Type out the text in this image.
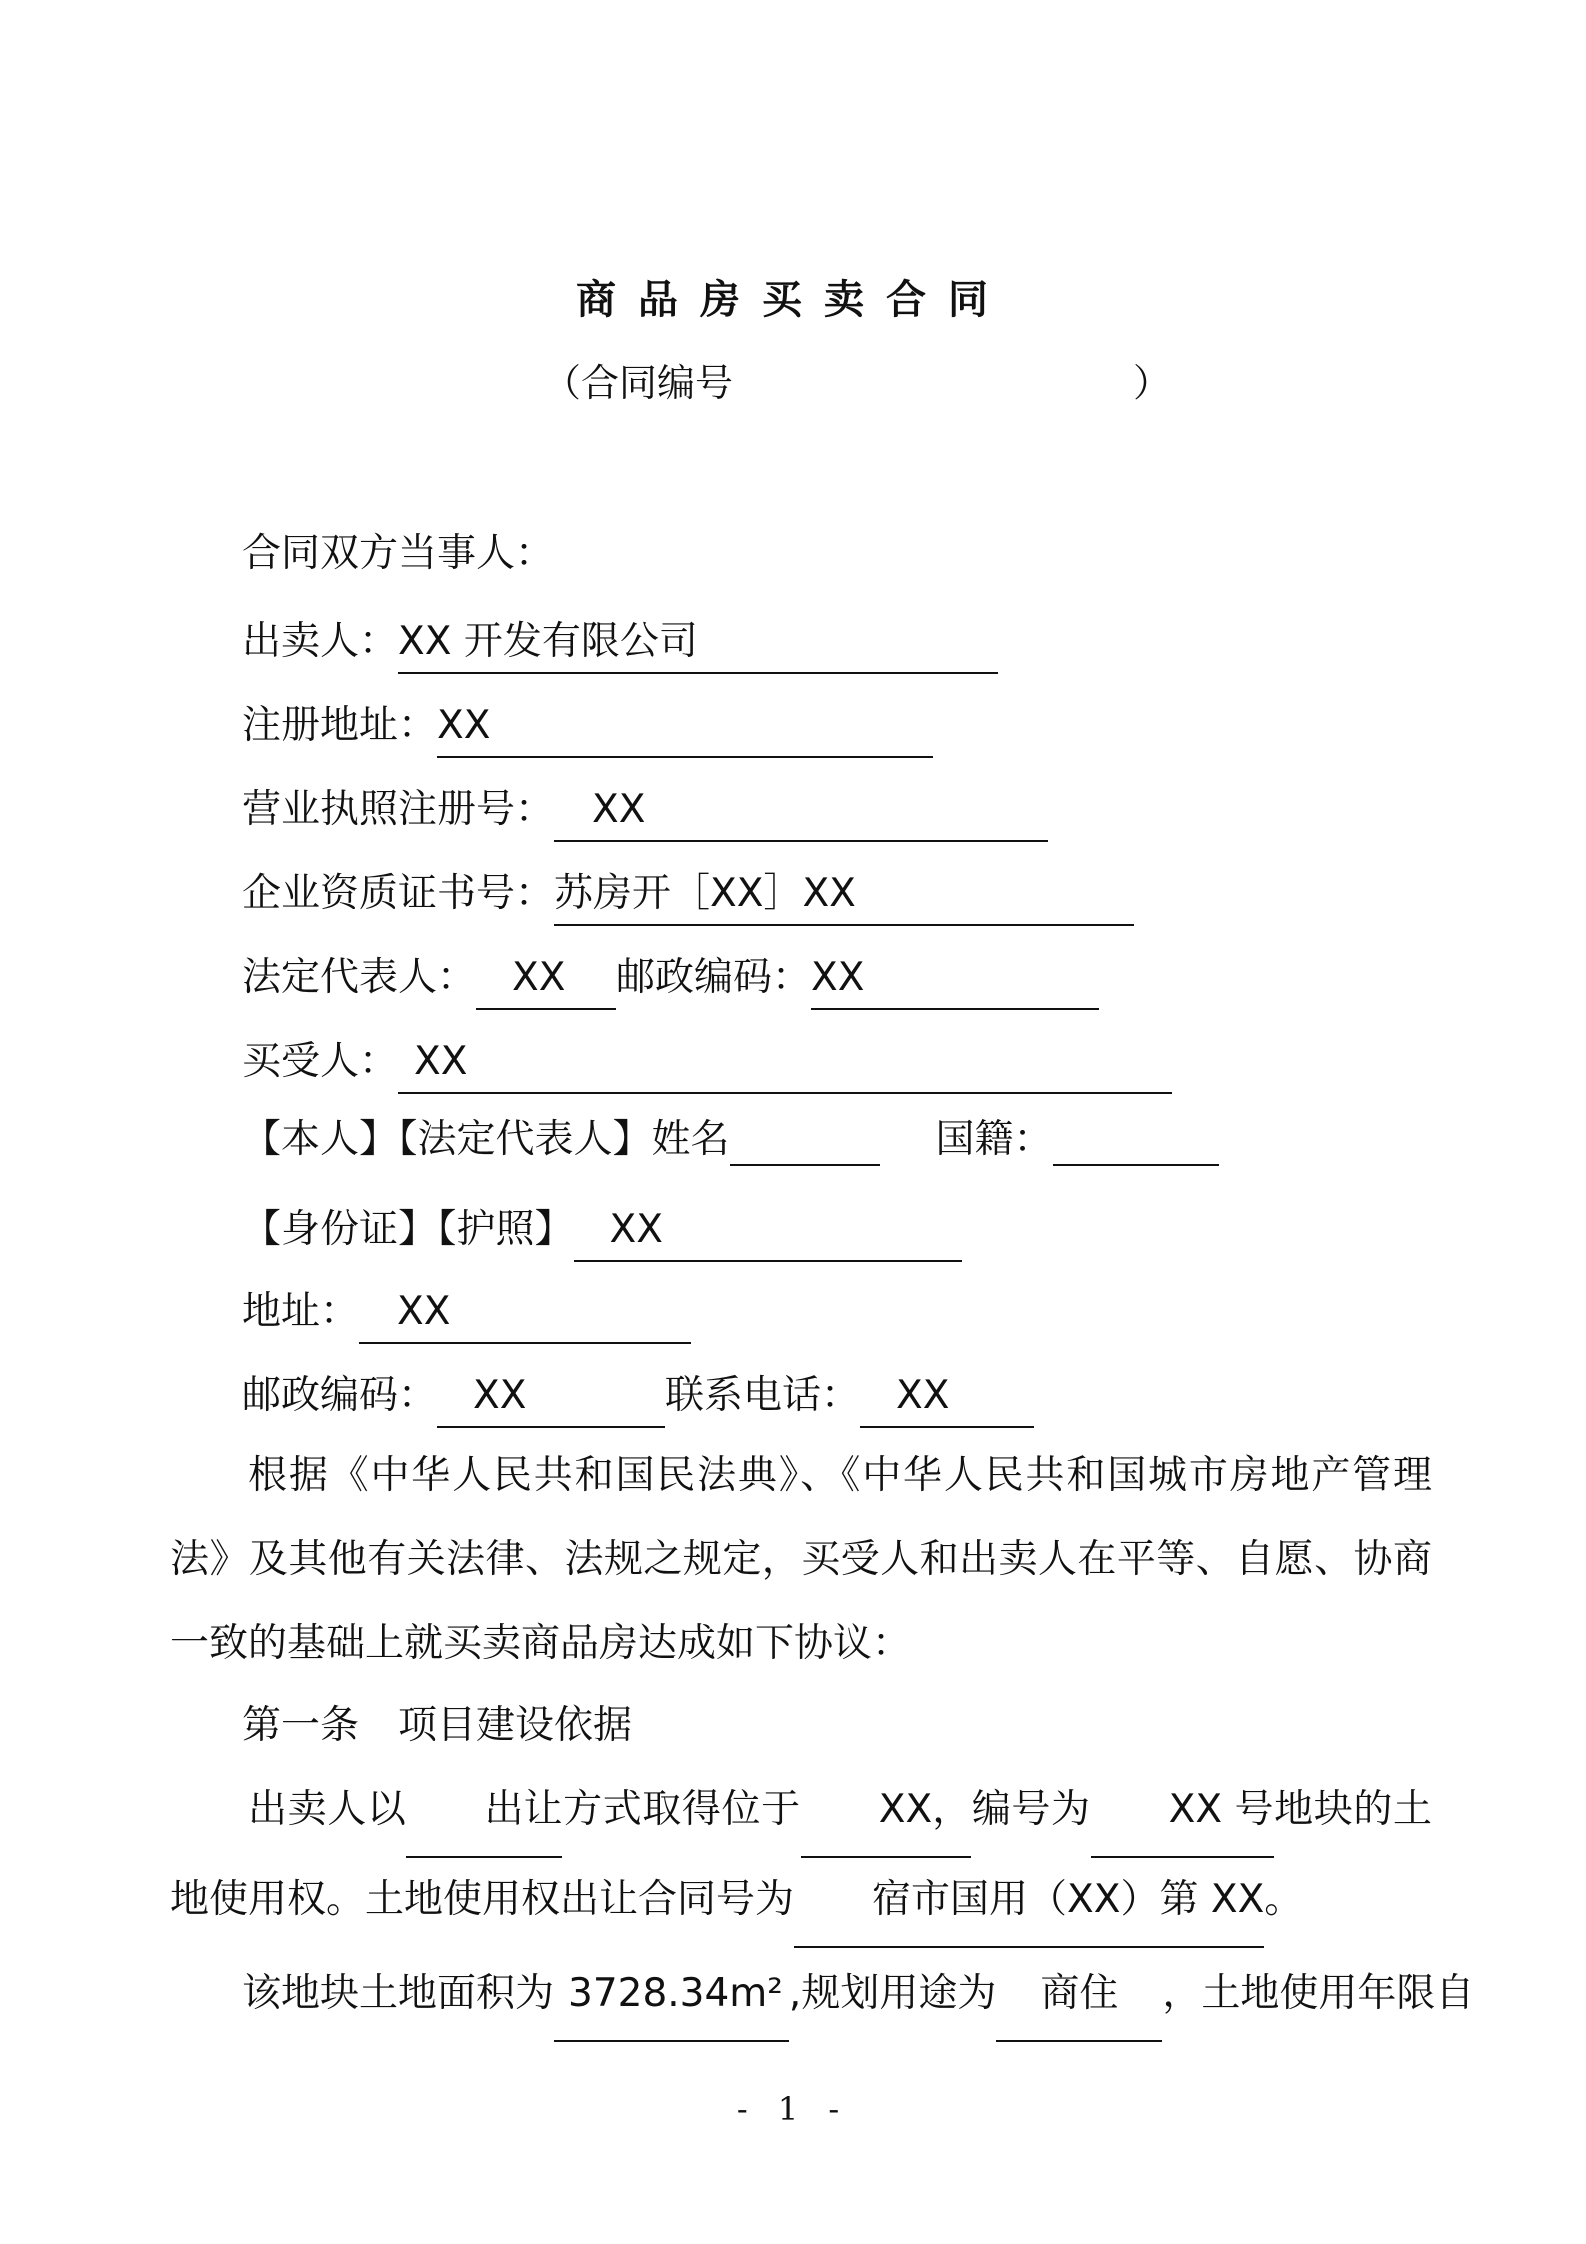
商品房买卖合同
（合同编号	）
合同双方当事人：
出卖人：XX 开发有限公司
注册地址：XX
营业执照注册号： XX
企业资质证书号：苏房开［XX］XX
法定代表人： XX 邮政编码：XX
买受人： XX
【本人】【法定代表人】姓名	国籍：
【身份证】【护照】 XX
地址： XX
邮政编码： XX	联系电话： XX
根据《中华人民共和国民法典》、《中华人民共和国城市房地产管理法》及其他有关法律、法规之规定，买受人和出卖人在平等、自愿、协商一致的基础上就买卖商品房达成如下协议：
第一条　项目建设依据
出卖人以 出让方式取得位于 XX，编号为 XX 号地块的土地使用权。土地使用权出让合同号为 宿市国用（XX）第 XX。
该地块土地面积为 3728.34m² ,规划用途为 商住 ，土地使用年限自
- 1 -
